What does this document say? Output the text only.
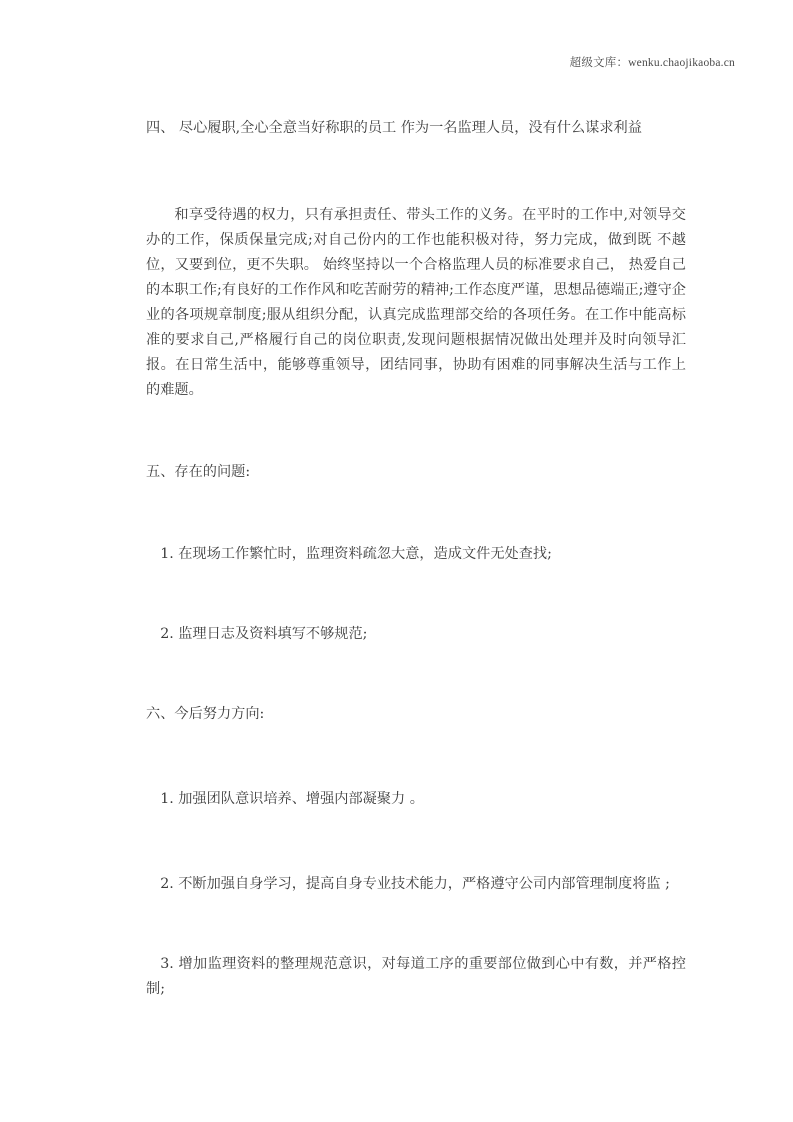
超级文库：wenku.chaojikaoba.cn

四、 尽心履职,全心全意当好称职的员工 作为一名监理人员，没有什么谋求利益

和享受待遇的权力，只有承担责任、带头工作的义务。在平时的工作中,对领导交办的工作，保质保量完成;对自己份内的工作也能积极对待，努力完成，做到既 不越位，又要到位，更不失职。 始终坚持以一个合格监理人员的标准要求自己， 热爱自己的本职工作;有良好的工作作风和吃苦耐劳的精神;工作态度严谨，思想品德端正;遵守企业的各项规章制度;服从组织分配，认真完成监理部交给的各项任务。在工作中能高标准的要求自己,严格履行自己的岗位职责,发现问题根据情况做出处理并及时向领导汇报。在日常生活中，能够尊重领导，团结同事，协助有困难的同事解决生活与工作上 的难题。

五、存在的问题:

1. 在现场工作繁忙时，监理资料疏忽大意，造成文件无处查找;

2. 监理日志及资料填写不够规范;

六、今后努力方向:

1. 加强团队意识培养、增强内部凝聚力 。

2. 不断加强自身学习，提高自身专业技术能力，严格遵守公司内部管理制度将监 ;

3. 增加监理资料的整理规范意识，对每道工序的重要部位做到心中有数，并严格控制;
